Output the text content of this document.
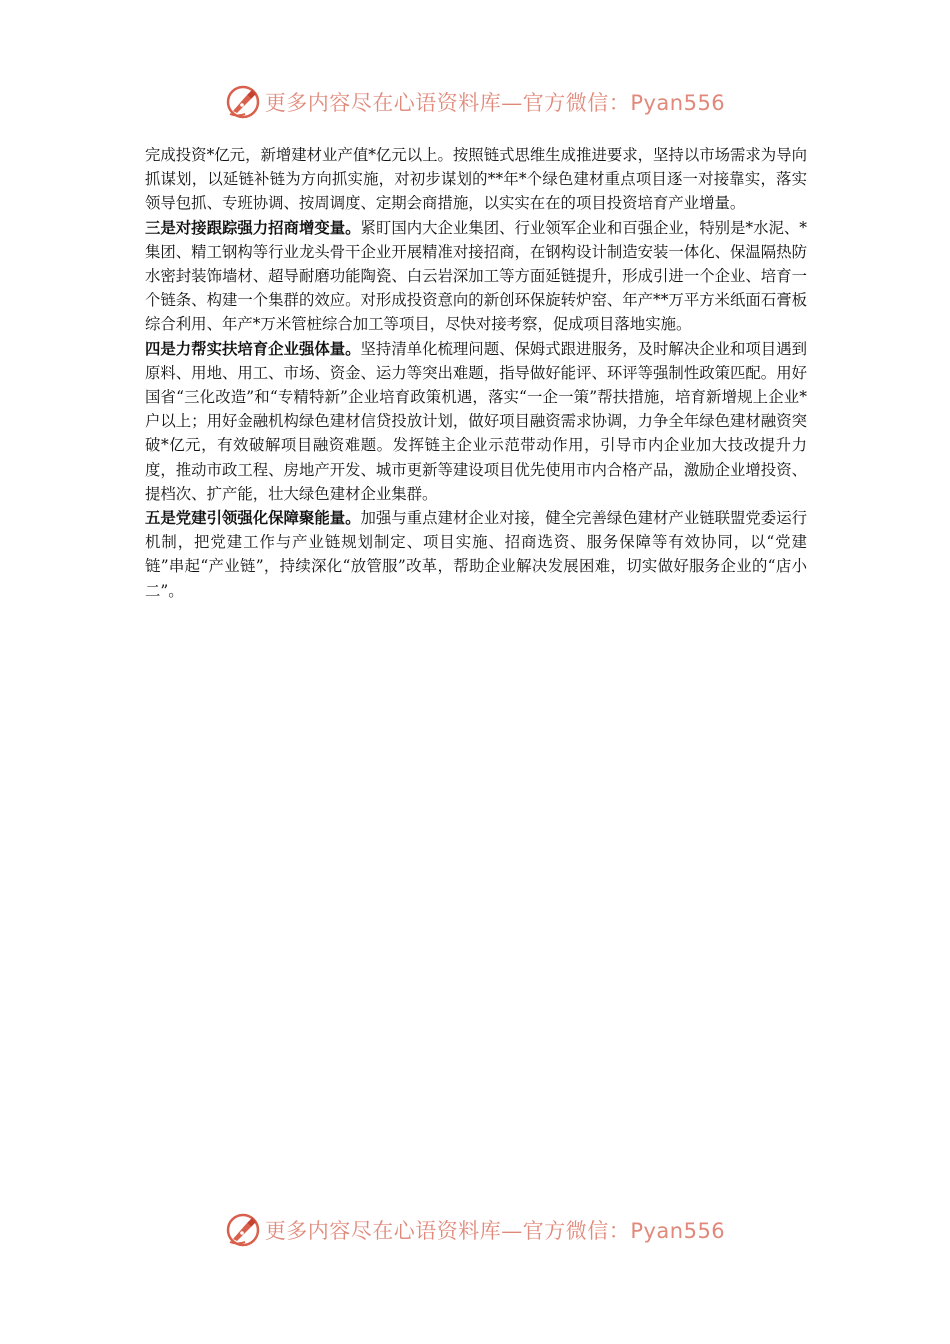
更多内容尽在心语资料库—官方微信：Pyan556

完成投资*亿元，新增建材业产值*亿元以上。按照链式思维生成推进要求，坚持以市场需求为导向抓谋划，以延链补链为方向抓实施，对初步谋划的**年*个绿色建材重点项目逐一对接靠实，落实领导包抓、专班协调、按周调度、定期会商措施，以实实在在的项目投资培育产业增量。

三是对接跟踪强力招商增变量。紧盯国内大企业集团、行业领军企业和百强企业，特别是*水泥、*集团、精工钢构等行业龙头骨干企业开展精准对接招商，在钢构设计制造安装一体化、保温隔热防水密封装饰墙材、超导耐磨功能陶瓷、白云岩深加工等方面延链提升，形成引进一个企业、培育一个链条、构建一个集群的效应。对形成投资意向的新创环保旋转炉窑、年产**万平方米纸面石膏板综合利用、年产*万米管桩综合加工等项目，尽快对接考察，促成项目落地实施。

四是力帮实扶培育企业强体量。坚持清单化梳理问题、保姆式跟进服务，及时解决企业和项目遇到原料、用地、用工、市场、资金、运力等突出难题，指导做好能评、环评等强制性政策匹配。用好国省“三化改造”和“专精特新”企业培育政策机遇，落实“一企一策”帮扶措施，培育新增规上企业*户以上；用好金融机构绿色建材信贷投放计划，做好项目融资需求协调，力争全年绿色建材融资突破*亿元，有效破解项目融资难题。发挥链主企业示范带动作用，引导市内企业加大技改提升力度，推动市政工程、房地产开发、城市更新等建设项目优先使用市内合格产品，激励企业增投资、提档次、扩产能，壮大绿色建材企业集群。

五是党建引领强化保障聚能量。加强与重点建材企业对接，健全完善绿色建材产业链联盟党委运行机制，把党建工作与产业链规划制定、项目实施、招商选资、服务保障等有效协同，以“党建链”串起“产业链”，持续深化“放管服”改革，帮助企业解决发展困难，切实做好服务企业的“店小二”。

更多内容尽在心语资料库—官方微信：Pyan556
